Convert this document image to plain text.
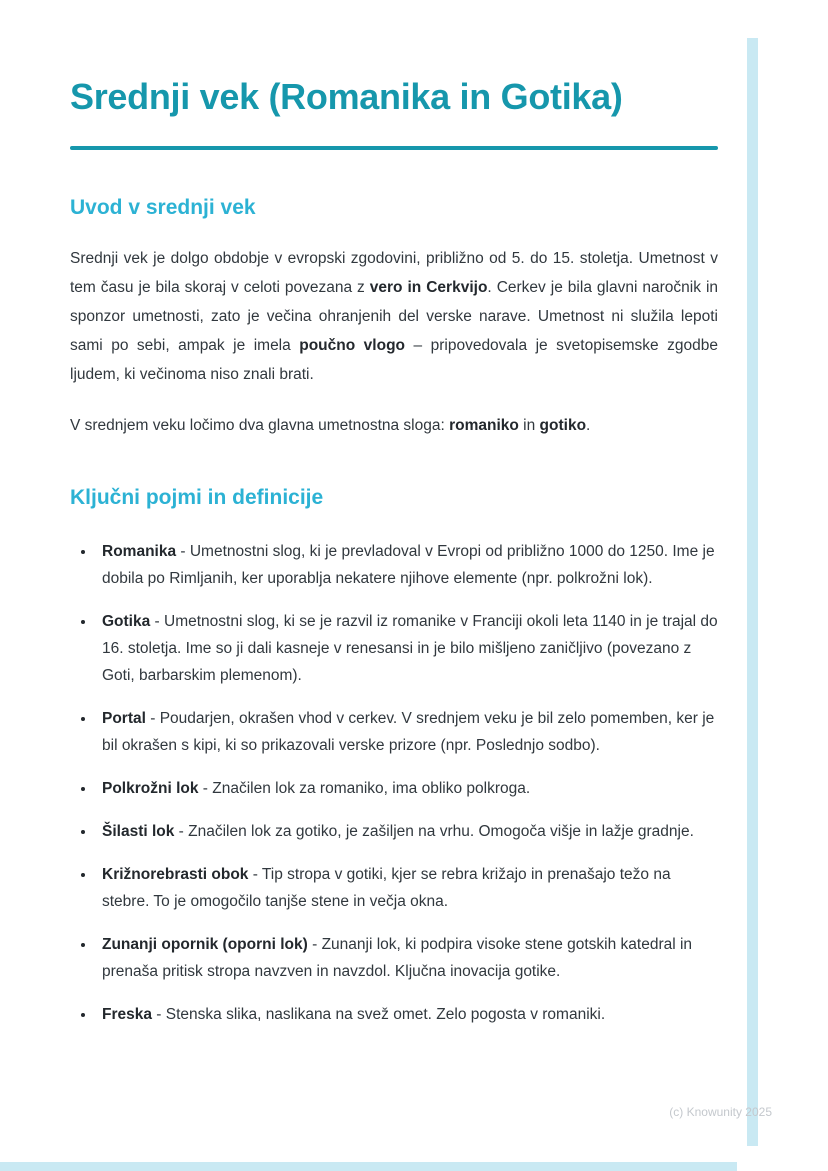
Srednji vek (Romanika in Gotika)
Uvod v srednji vek

Srednji vek je dolgo obdobje v evropski zgodovini, približno od 5. do 15. stoletja. Umetnost v tem času je bila skoraj v celoti povezana z vero in Cerkvijo. Cerkev je bila glavni naročnik in sponzor umetnosti, zato je večina ohranjenih del verske narave. Umetnost ni služila lepoti sami po sebi, ampak je imela poučno vlogo – pripovedovala je svetopisemske zgodbe ljudem, ki večinoma niso znali brati.

V srednjem veku ločimo dva glavna umetnostna sloga: romaniko in gotiko.

Ključni pojmi in definicije
• Romanika - Umetnostni slog, ki je prevladoval v Evropi od približno 1000 do 1250. Ime je dobila po Rimljanih, ker uporablja nekatere njihove elemente (npr. polkrožni lok).
• Gotika - Umetnostni slog, ki se je razvil iz romanike v Franciji okoli leta 1140 in je trajal do 16. stoletja. Ime so ji dali kasneje v renesansi in je bilo mišljeno zaničljivo (povezano z Goti, barbarskim plemenom).
• Portal - Poudarjen, okrašen vhod v cerkev. V srednjem veku je bil zelo pomemben, ker je bil okrašen s kipi, ki so prikazovali verske prizore (npr. Poslednjo sodbo).
• Polkrožni lok - Značilen lok za romaniko, ima obliko polkroga.
• Šilasti lok - Značilen lok za gotiko, je zašiljen na vrhu. Omogoča višje in lažje gradnje.
• Križnorebrasti obok - Tip stropa v gotiki, kjer se rebra križajo in prenašajo težo na stebre. To je omogočilo tanjše stene in večja okna.
• Zunanji opornik (oporni lok) - Zunanji lok, ki podpira visoke stene gotskih katedral in prenaša pritisk stropa navzven in navzdol. Ključna inovacija gotike.
• Freska - Stenska slika, naslikana na svež omet. Zelo pogosta v romaniki.
(c) Knowunity 2025
